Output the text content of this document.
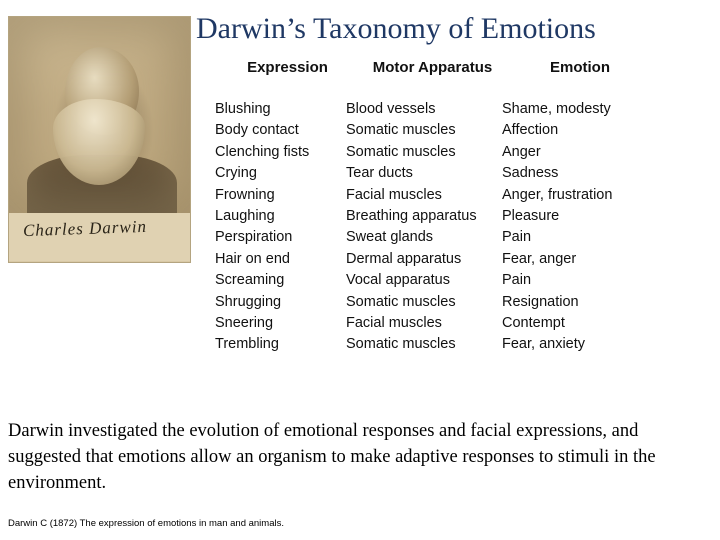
Charles Darwin
Darwin’s Taxonomy of Emotions
Expression	Motor Apparatus	Emotion
Blushing	Blood vessels	Shame, modesty
Body contact	Somatic muscles	Affection
Clenching fists	Somatic muscles	Anger
Crying	Tear ducts	Sadness
Frowning	Facial muscles	Anger, frustration
Laughing	Breathing apparatus	Pleasure
Perspiration	Sweat glands	Pain
Hair on end	Dermal apparatus	Fear, anger
Screaming	Vocal apparatus	Pain
Shrugging	Somatic muscles	Resignation
Sneering	Facial muscles	Contempt
Trembling	Somatic muscles	Fear, anxiety
Darwin investigated the evolution of emotional responses and facial expressions, and suggested that emotions allow an organism to make adaptive responses to stimuli in the environment.
Darwin C (1872) The expression of emotions in man and animals.
